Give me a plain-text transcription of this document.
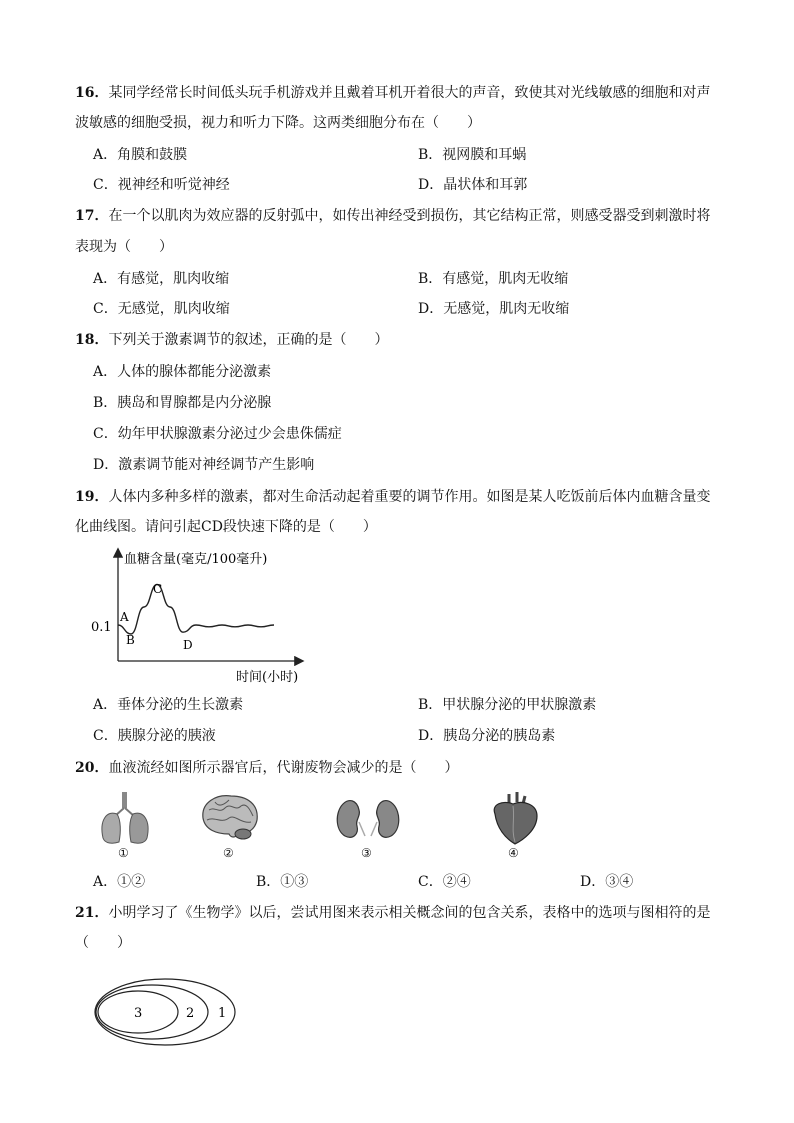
16．某同学经常长时间低头玩手机游戏并且戴着耳机开着很大的声音，致使其对光线敏感的细胞和对声
波敏感的细胞受损，视力和听力下降。这两类细胞分布在（　　）
A．角膜和鼓膜	B．视网膜和耳蜗
C．视神经和听觉神经	D．晶状体和耳郭
17．在一个以肌肉为效应器的反射弧中，如传出神经受到损伤，其它结构正常，则感受器受到刺激时将
表现为（　　）
A．有感觉，肌肉收缩	B．有感觉，肌肉无收缩
C．无感觉，肌肉收缩	D．无感觉，肌肉无收缩
18．下列关于激素调节的叙述，正确的是（　　）
A．人体的腺体都能分泌激素
B．胰岛和胃腺都是内分泌腺
C．幼年甲状腺激素分泌过少会患侏儒症
D．激素调节能对神经调节产生影响
19．人体内多种多样的激素，都对生命活动起着重要的调节作用。如图是某人吃饭前后体内血糖含量变
化曲线图。请问引起CD段快速下降的是（　　）
血糖含量(毫克/100毫升)
时间(小时)
0.1
A
B
C
D
A．垂体分泌的生长激素	B．甲状腺分泌的甲状腺激素
C．胰腺分泌的胰液	D．胰岛分泌的胰岛素
20．血液流经如图所示器官后，代谢废物会减少的是（　　）
①	②	③	④
A．①②	B．①③	C．②④	D．③④
21．小明学习了《生物学》以后，尝试用图来表示相关概念间的包含关系，表格中的选项与图相符的是
（　　）
3	2 1
